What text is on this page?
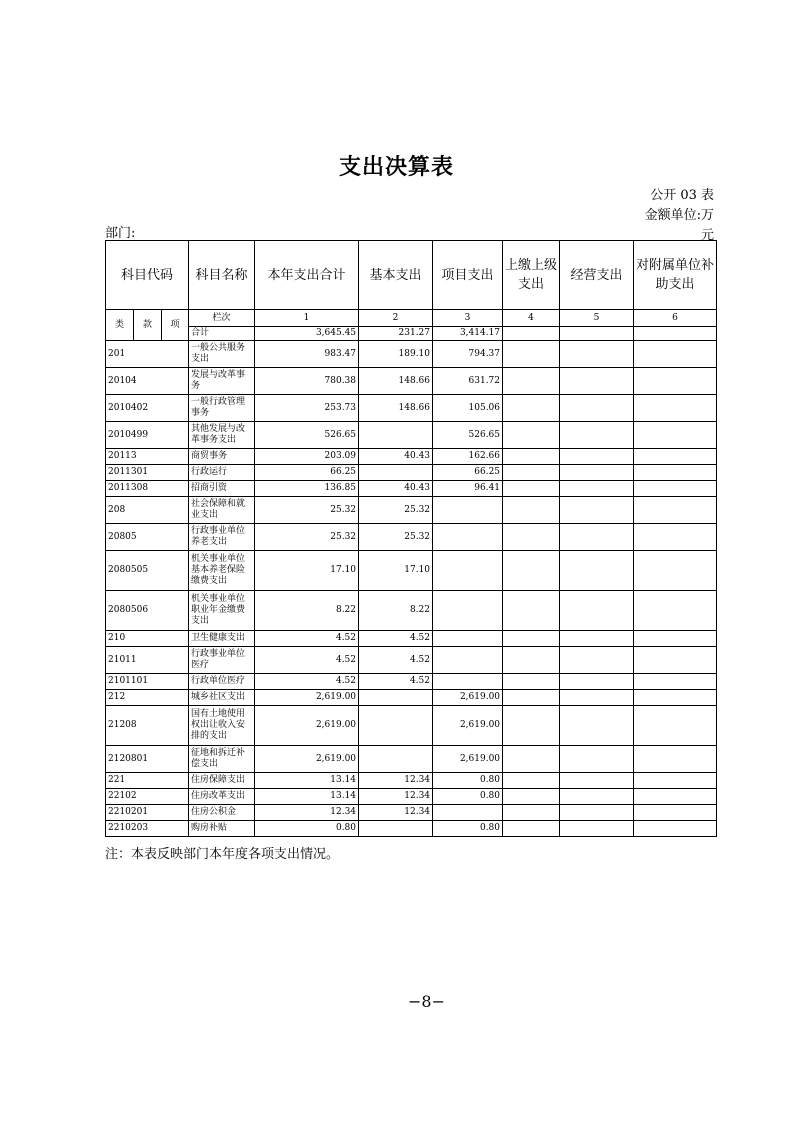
支出决算表
公开 03 表
金额单位:万
元
部门:
科目代码			科目名称	本年支出合计	基本支出	项目支出	上缴上级支出	经营支出	对附属单位补助支出
类	款	项	栏次	1	2	3	4	5	6
			合计	3,645.45	231.27	3,414.17			
201			一般公共服务支出	983.47	189.10	794.37			
20104			发展与改革事务	780.38	148.66	631.72			
2010402			一般行政管理事务	253.73	148.66	105.06			
2010499			其他发展与改革事务支出	526.65		526.65			
20113			商贸事务	203.09	40.43	162.66			
2011301			行政运行	66.25		66.25			
2011308			招商引资	136.85	40.43	96.41			
208			社会保障和就业支出	25.32	25.32				
20805			行政事业单位养老支出	25.32	25.32				
2080505			机关事业单位基本养老保险缴费支出	17.10	17.10				
2080506			机关事业单位职业年金缴费支出	8.22	8.22				
210			卫生健康支出	4.52	4.52				
21011			行政事业单位医疗	4.52	4.52				
2101101			行政单位医疗	4.52	4.52				
212			城乡社区支出	2,619.00		2,619.00			
21208			国有土地使用权出让收入安排的支出	2,619.00		2,619.00			
2120801			征地和拆迁补偿支出	2,619.00		2,619.00			
221			住房保障支出	13.14	12.34	0.80			
22102			住房改革支出	13.14	12.34	0.80			
2210201			住房公积金	12.34	12.34				
2210203			购房补贴	0.80		0.80			
注：本表反映部门本年度各项支出情况。
−8−
